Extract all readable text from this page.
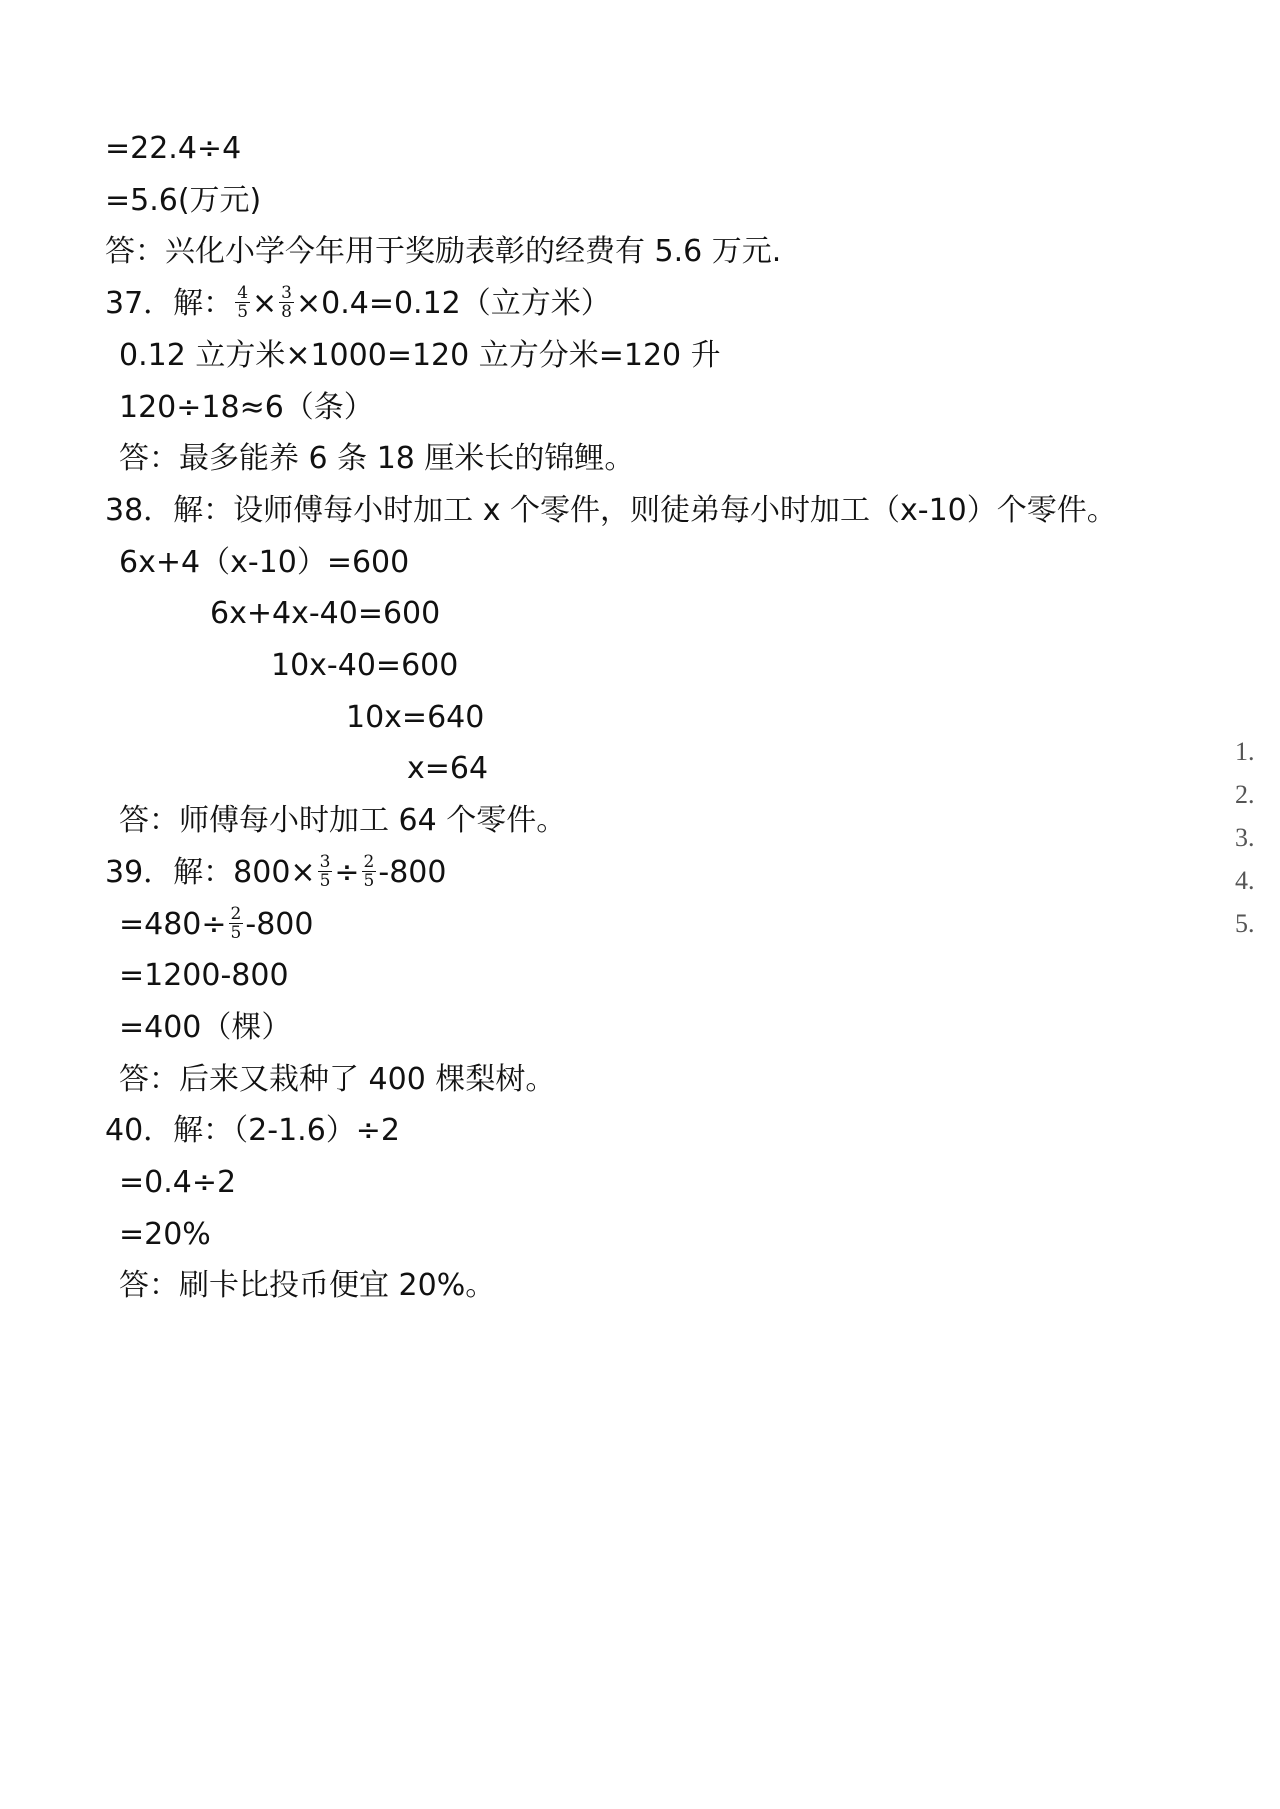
=22.4÷4
=5.6(万元)
答：兴化小学今年用于奖励表彰的经费有 5.6 万元.
37．解： $\frac{4}{5} \times \frac{3}{8} \times 0.4=0.12$（立方米）
0.12 立方米×1000=120 立方分米=120 升
120÷18≈6（条）
答：最多能养 6 条 18 厘米长的锦鲤。
38．解：设师傅每小时加工 x 个零件，则徒弟每小时加工（x-10）个零件。
6x+4（x-10）=600
6x+4x-40=600
10x-40=600
10x=640
x=64
答：师傅每小时加工 64 个零件。
39．解：$800\times \frac{3}{5} \div \frac{2}{5} -800$
$=480\div \frac{2}{5} -800$
=1200-800
=400（棵）
答：后来又栽种了 400 棵梨树。
40．解：（2-1.6）÷2
=0.4÷2
=20%
答：刷卡比投币便宜 20%。
1.
2.
3.
4.
5.
